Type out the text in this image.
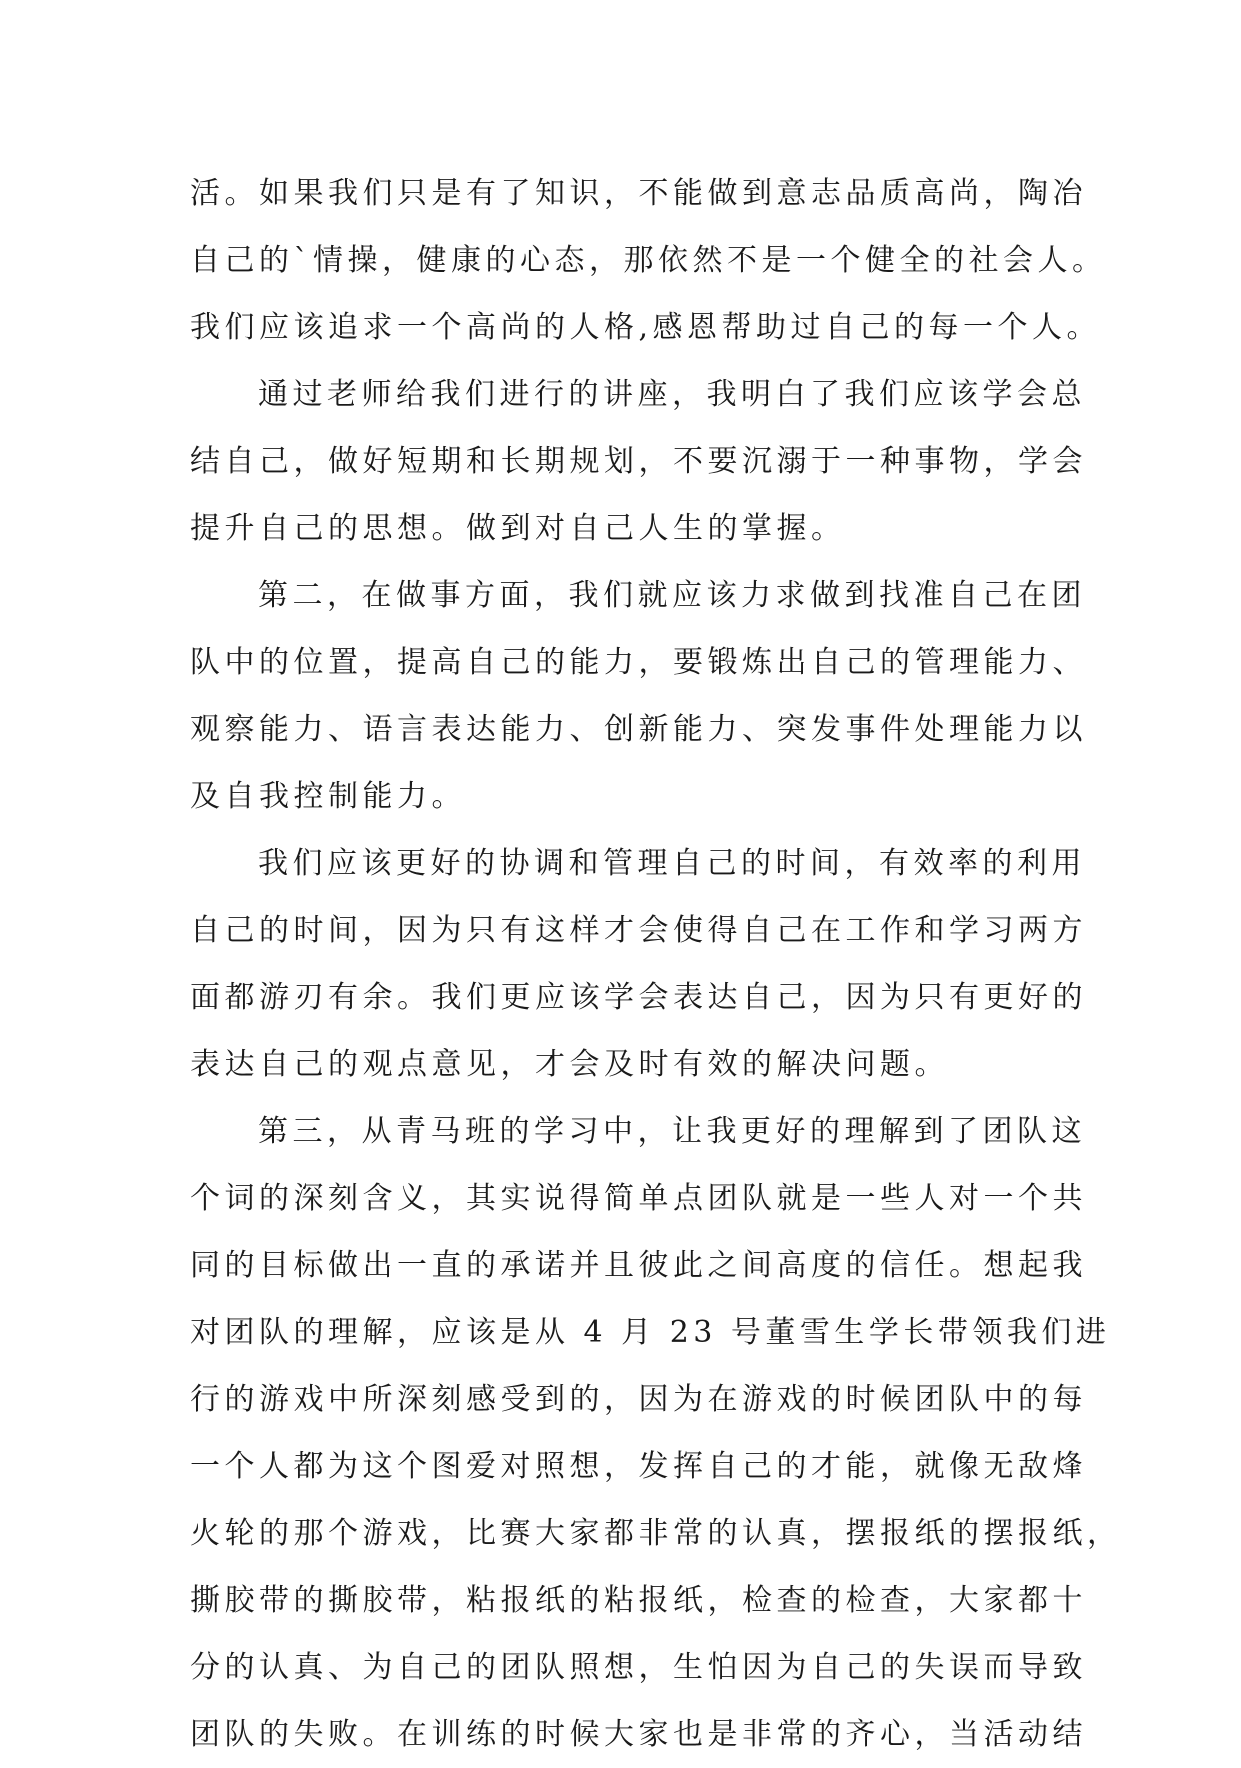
活。如果我们只是有了知识，不能做到意志品质高尚，陶冶
自己的`情操，健康的心态，那依然不是一个健全的社会人。
我们应该追求一个高尚的人格,感恩帮助过自己的每一个人。
通过老师给我们进行的讲座，我明白了我们应该学会总
结自己，做好短期和长期规划，不要沉溺于一种事物，学会
提升自己的思想。做到对自己人生的掌握。
第二，在做事方面，我们就应该力求做到找准自己在团
队中的位置，提高自己的能力，要锻炼出自己的管理能力、
观察能力、语言表达能力、创新能力、突发事件处理能力以
及自我控制能力。
我们应该更好的协调和管理自己的时间，有效率的利用
自己的时间，因为只有这样才会使得自己在工作和学习两方
面都游刃有余。我们更应该学会表达自己，因为只有更好的
表达自己的观点意见，才会及时有效的解决问题。
第三，从青马班的学习中，让我更好的理解到了团队这
个词的深刻含义，其实说得简单点团队就是一些人对一个共
同的目标做出一直的承诺并且彼此之间高度的信任。想起我
对团队的理解，应该是从 4 月 23 号董雪生学长带领我们进
行的游戏中所深刻感受到的，因为在游戏的时候团队中的每
一个人都为这个图爱对照想，发挥自己的才能，就像无敌烽
火轮的那个游戏，比赛大家都非常的认真，摆报纸的摆报纸，
撕胶带的撕胶带，粘报纸的粘报纸，检查的检查，大家都十
分的认真、为自己的团队照想，生怕因为自己的失误而导致
团队的失败。在训练的时候大家也是非常的齐心，当活动结
